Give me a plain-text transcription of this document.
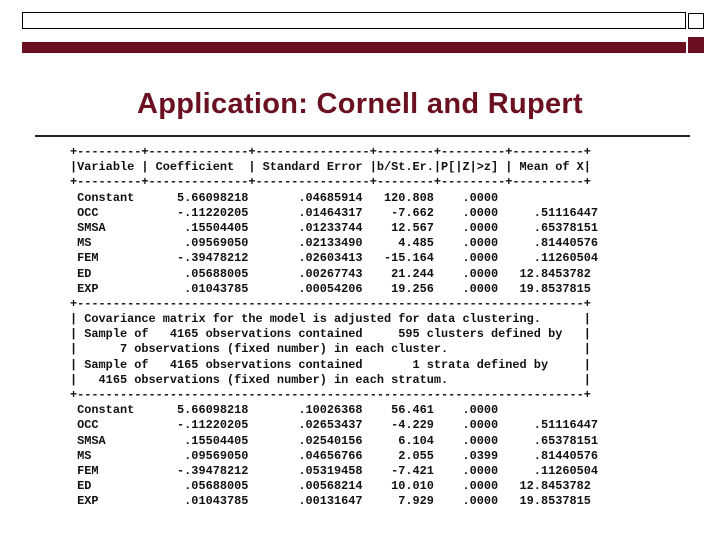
Application: Cornell and Rupert
+---------+--------------+----------------+--------+---------+----------+
|Variable | Coefficient  | Standard Error |b/St.Er.|P[|Z|>z] | Mean of X|
+---------+--------------+----------------+--------+---------+----------+
Constant      5.66098218       .04685914   120.808    .0000
OCC           -.11220205       .01464317    -7.662    .0000     .51116447
SMSA           .15504405       .01233744    12.567    .0000     .65378151
MS             .09569050       .02133490     4.485    .0000     .81440576
FEM           -.39478212       .02603413   -15.164    .0000     .11260504
ED             .05688005       .00267743    21.244    .0000   12.8453782
EXP            .01043785       .00054206    19.256    .0000   19.8537815
+-----------------------------------------------------------------------+
| Covariance matrix for the model is adjusted for data clustering.      |
| Sample of   4165 observations contained     595 clusters defined by   |
|      7 observations (fixed number) in each cluster.                   |
| Sample of   4165 observations contained       1 strata defined by     |
|   4165 observations (fixed number) in each stratum.                   |
+-----------------------------------------------------------------------+
Constant      5.66098218       .10026368    56.461    .0000
OCC           -.11220205       .02653437    -4.229    .0000     .51116447
SMSA           .15504405       .02540156     6.104    .0000     .65378151
MS             .09569050       .04656766     2.055    .0399     .81440576
FEM           -.39478212       .05319458    -7.421    .0000     .11260504
ED             .05688005       .00568214    10.010    .0000   12.8453782
EXP            .01043785       .00131647     7.929    .0000   19.8537815
